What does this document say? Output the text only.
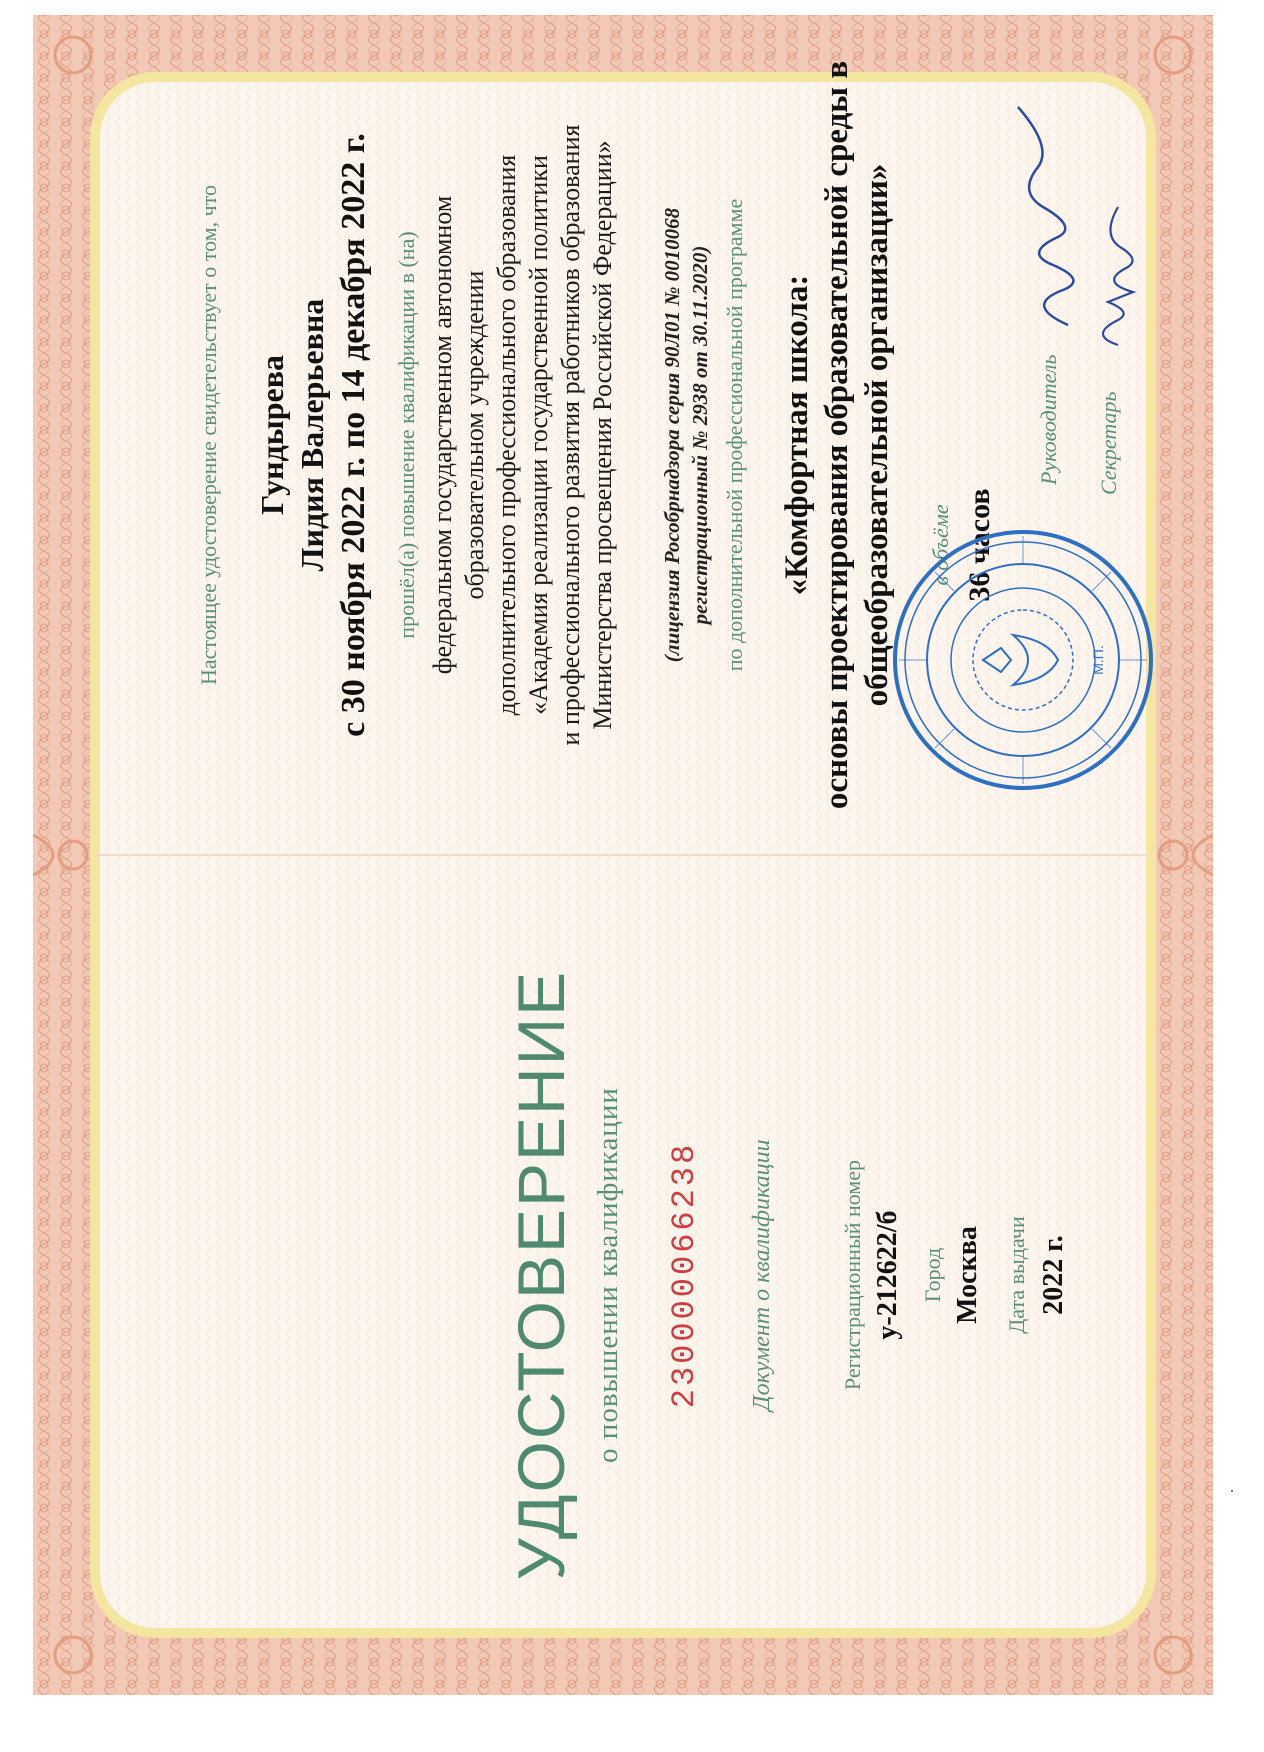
УДОСТОВЕРЕНИЕ о повышении квалификации 230000066238 Документ о квалификации	Регистрационный номер у-212622/б Город Москва Дата выдачи 2022 г.
Настоящее удостоверение свидетельствует о том, что Гундырева Лидия Валерьевна с 30 ноября 2022 г. по 14 декабря 2022 г. прошёл(а) повышение квалификации в (на) федеральном государственном автономном образовательном учреждении дополнительного профессионального образования «Академия реализации государственной политики и профессионального развития работников образования Министерства просвещения Российской Федерации» (лицензия Рособрнадзора серия 90Л01 № 0010068 регистрационный № 2938 от 30.11.2020) по дополнительной профессиональной программе «Комфортная школа: основы проектирования образовательной среды в общеобразовательной организации» в объёме 36 часов
Руководитель Секретарь
М.П.
